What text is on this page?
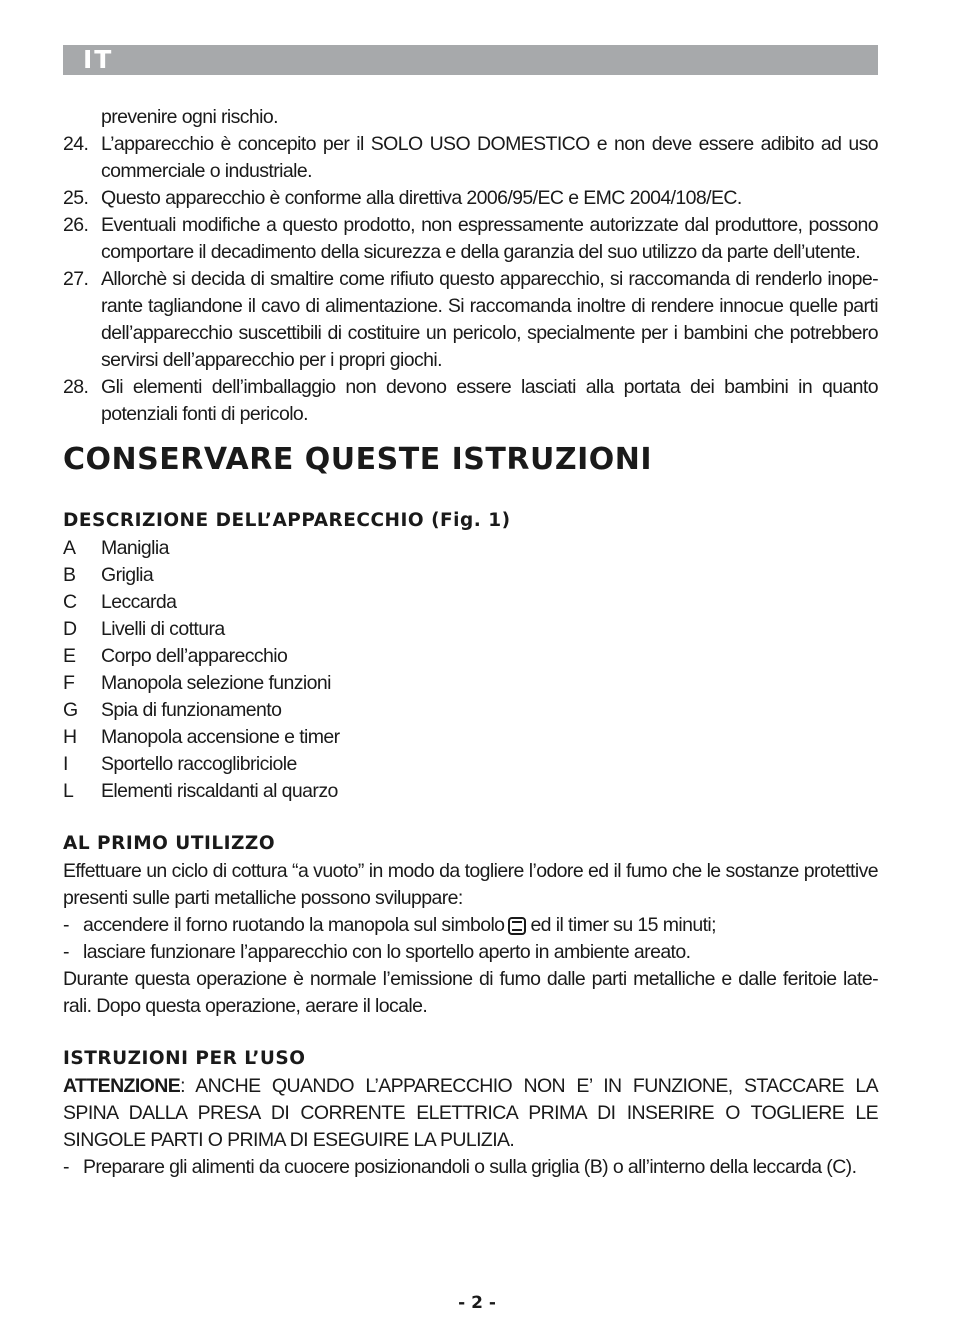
IT
prevenire ogni rischio.
24. L’apparecchio è concepito per il SOLO USO DOMESTICO e non deve essere adibito ad uso commerciale o industriale.
25. Questo apparecchio è conforme alla direttiva 2006/95/EC e EMC 2004/108/EC.
26. Eventuali modifiche a questo prodotto, non espressamente autorizzate dal produttore, possono comportare il decadimento della sicurezza e della garanzia del suo utilizzo da parte dell’utente.
27. Allorchè si decida di smaltire come rifiuto questo apparecchio, si raccomanda di renderlo inope-rante tagliandone il cavo di alimentazione. Si raccomanda inoltre di rendere innocue quelle parti dell’apparecchio suscettibili di costituire un pericolo, specialmente per i bambini che potrebbero servirsi dell’apparecchio per i propri giochi.
28. Gli elementi dell’imballaggio non devono essere lasciati alla portata dei bambini in quanto potenziali fonti di pericolo.
CONSERVARE QUESTE ISTRUZIONI
DESCRIZIONE DELL’APPARECCHIO (Fig. 1)
A Maniglia
B Griglia
C Leccarda
D Livelli di cottura
E Corpo dell’apparecchio
F Manopola selezione funzioni
G Spia di funzionamento
H Manopola accensione e timer
I Sportello raccoglibriciole
L Elementi riscaldanti al quarzo
AL PRIMO UTILIZZO
Effettuare un ciclo di cottura “a vuoto” in modo da togliere l’odore ed il fumo che le sostanze protettive presenti sulle parti metalliche possono sviluppare:
- accendere il forno ruotando la manopola sul simbolo ed il timer su 15 minuti;
- lasciare funzionare l’apparecchio con lo sportello aperto in ambiente areato.
Durante questa operazione è normale l’emissione di fumo dalle parti metalliche e dalle feritoie late-rali. Dopo questa operazione, aerare il locale.
ISTRUZIONI PER L’USO
ATTENZIONE: ANCHE QUANDO L’APPARECCHIO NON E’ IN FUNZIONE, STACCARE LA SPINA DALLA PRESA DI CORRENTE ELETTRICA PRIMA DI INSERIRE O TOGLIERE LE SINGOLE PARTI O PRIMA DI ESEGUIRE LA PULIZIA.
- Preparare gli alimenti da cuocere posizionandoli o sulla griglia (B) o all’interno della leccarda (C).
- 2 -
